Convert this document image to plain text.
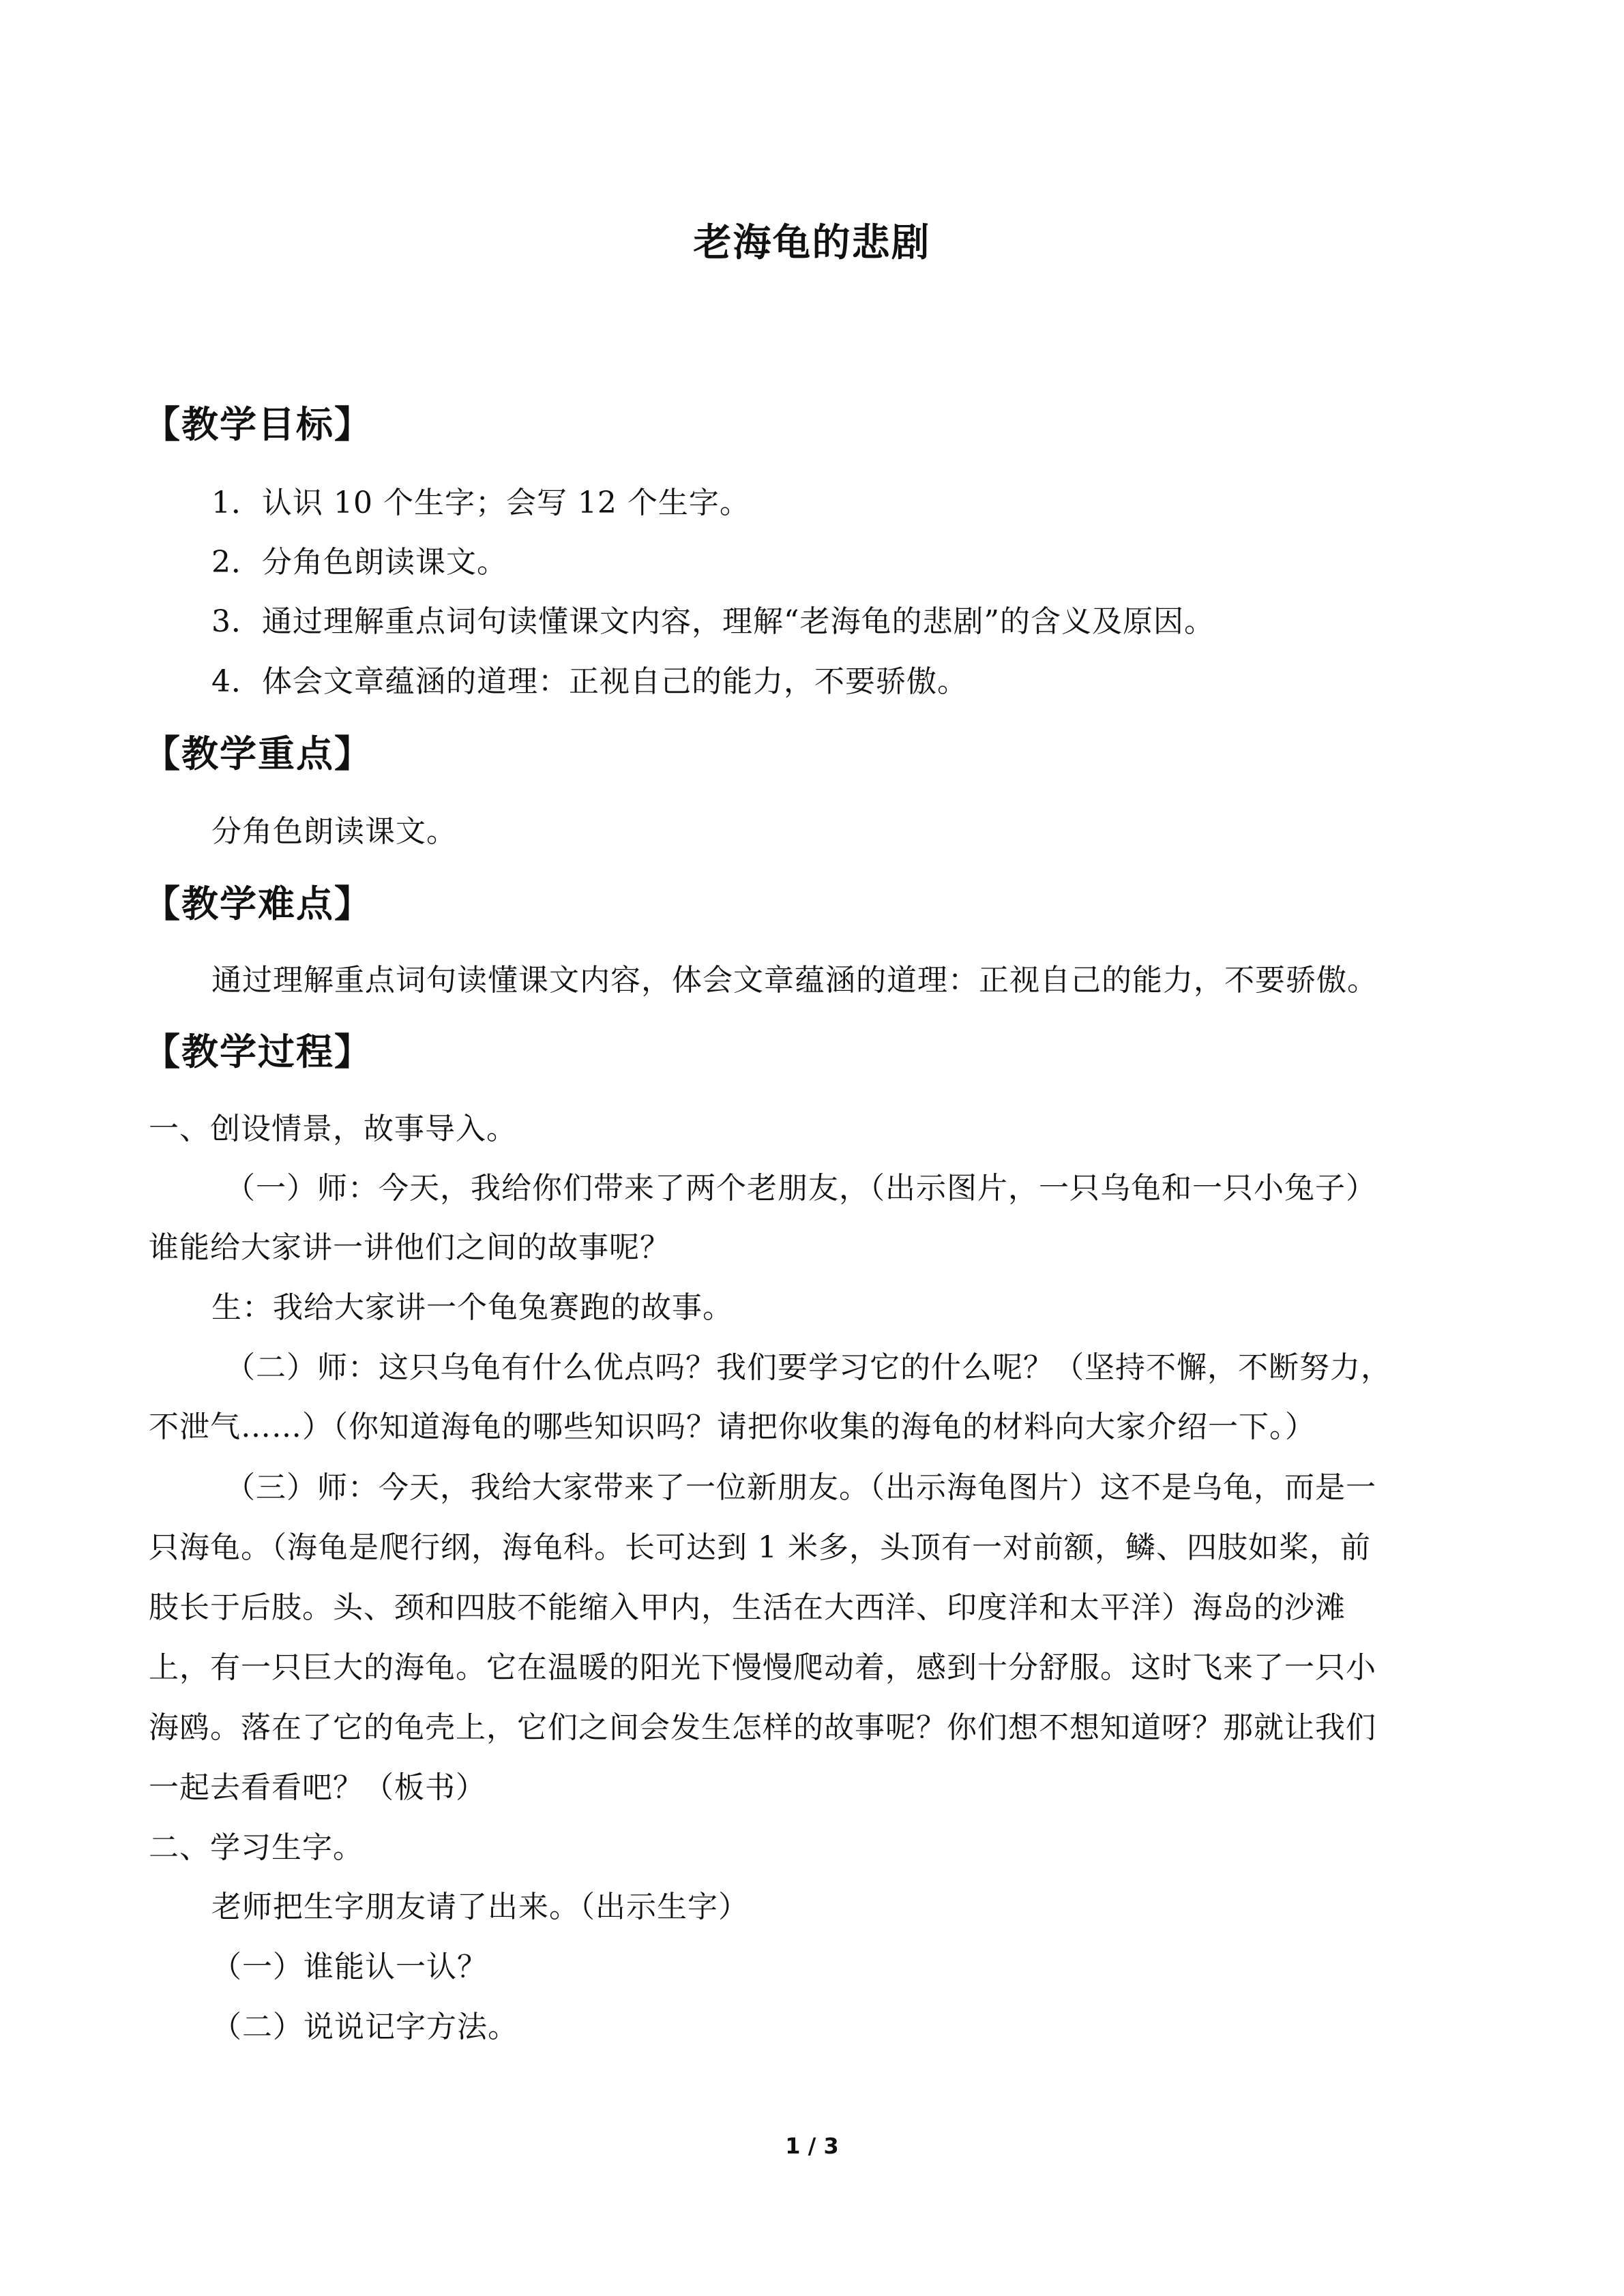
老海龟的悲剧
【教学目标】
1．认识 10 个生字；会写 12 个生字。
2．分角色朗读课文。
3．通过理解重点词句读懂课文内容，理解“老海龟的悲剧”的含义及原因。
4．体会文章蕴涵的道理：正视自己的能力，不要骄傲。
【教学重点】
分角色朗读课文。
【教学难点】
通过理解重点词句读懂课文内容，体会文章蕴涵的道理：正视自己的能力，不要骄傲。
【教学过程】
一、创设情景，故事导入。
（一）师：今天，我给你们带来了两个老朋友，（出示图片，一只乌龟和一只小兔子）
谁能给大家讲一讲他们之间的故事呢？
生：我给大家讲一个龟兔赛跑的故事。
（二）师：这只乌龟有什么优点吗？我们要学习它的什么呢？（坚持不懈，不断努力，
不泄气……）（你知道海龟的哪些知识吗？请把你收集的海龟的材料向大家介绍一下。）
（三）师：今天，我给大家带来了一位新朋友。（出示海龟图片）这不是乌龟，而是一
只海龟。（海龟是爬行纲，海龟科。长可达到 1 米多，头顶有一对前额，鳞、四肢如桨，前
肢长于后肢。头、颈和四肢不能缩入甲内，生活在大西洋、印度洋和太平洋）海岛的沙滩
上，有一只巨大的海龟。它在温暖的阳光下慢慢爬动着，感到十分舒服。这时飞来了一只小
海鸥。落在了它的龟壳上，它们之间会发生怎样的故事呢？你们想不想知道呀？那就让我们
一起去看看吧？（板书）
二、学习生字。
老师把生字朋友请了出来。（出示生字）
（一）谁能认一认？
（二）说说记字方法。
1 / 3
